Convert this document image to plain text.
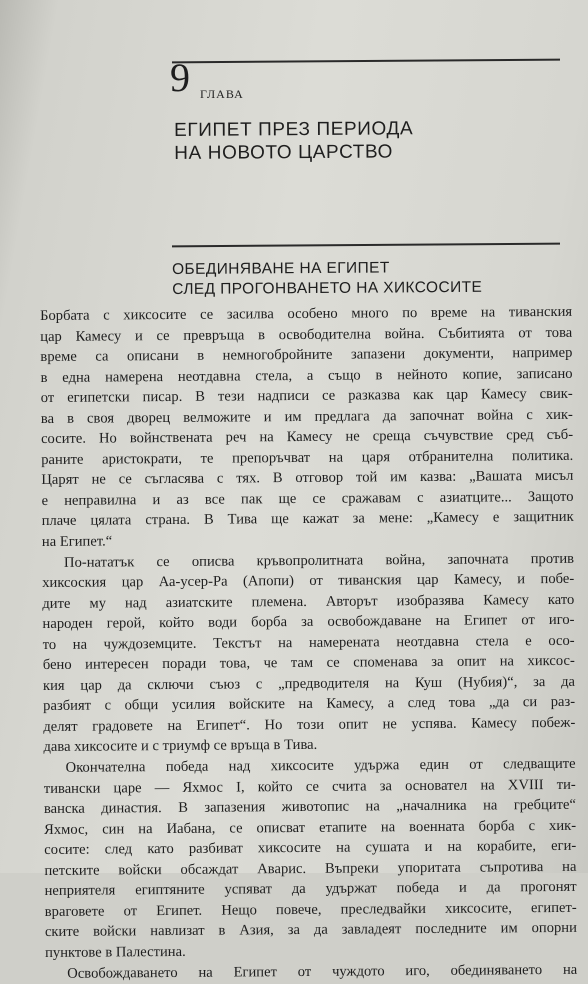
9 ГЛАВА
ЕГИПЕТ ПРЕЗ ПЕРИОДА
НА НОВОТО ЦАРСТВО
ОБЕДИНЯВАНЕ НА ЕГИПЕТ
СЛЕД ПРОГОНВАНЕТО НА ХИКСОСИТЕ

Борбата с хиксосите се засилва особено много по време на тиванския
цар Камесу и се превръща в освободителна война. Събитията от това
време са описани в немногобройните запазени документи, например
в една намерена неотдавна стела, а също в нейното копие, записано
от египетски писар. В тези надписи се разказва как цар Камесу свик-
ва в своя дворец велможите и им предлага да започнат война с хик-
сосите. Но войнствената реч на Камесу не среща съчувствие сред съб-
раните аристократи, те препоръчват на царя отбранителна политика.
Царят не се съгласява с тях. В отговор той им казва: „Вашата мисъл
е неправилна и аз все пак ще се сражавам с азиатците... Защото
плаче цялата страна. В Тива ще кажат за мене: „Камесу е защитник
на Египет.“

По-нататък се описва кръвопролитната война, започната против
хиксоския цар Аа-усер-Ра (Апопи) от тиванския цар Камесу, и побе-
дите му над азиатските племена. Авторът изобразява Камесу като
народен герой, който води борба за освобождаване на Египет от иго-
то на чуждоземците. Текстът на намерената неотдавна стела е осо-
бено интересен поради това, че там се споменава за опит на хиксос-
кия цар да сключи съюз с „предводителя на Куш (Нубия)“, за да
разбият с общи усилия войските на Камесу, а след това „да си раз-
делят градовете на Египет“. Но този опит не успява. Камесу побеж-
дава хиксосите и с триумф се връща в Тива.

Окончателна победа над хиксосите удържа един от следващите
тивански царе — Яхмос I, който се счита за основател на XVIII ти-
ванска династия. В запазения животопис на „началника на гребците“
Яхмос, син на Иабана, се описват етапите на военната борба с хик-
сосите: след като разбиват хиксосите на сушата и на корабите, еги-
петските войски обсаждат Аварис. Въпреки упоритата съпротива на
неприятеля египтяните успяват да удържат победа и да прогонят
враговете от Египет. Нещо повече, преследвайки хиксосите, египет-
ските войски навлизат в Азия, за да завладеят последните им опорни
пунктове в Палестина.

Освобождаването на Египет от чуждото иго, обединяването на
